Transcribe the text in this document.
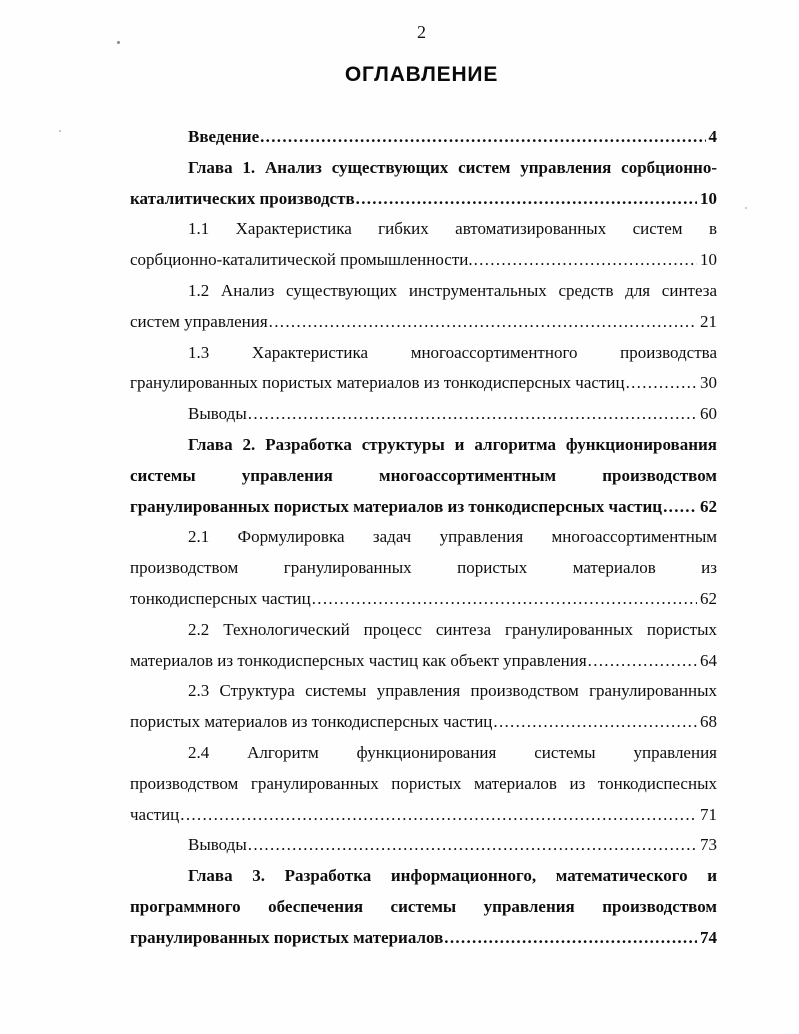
2
ОГЛАВЛЕНИЕ
Введение .....	4
Глава 1. Анализ существующих систем управления сорбционно-
каталитических производств .....	10
1.1 Характеристика гибких автоматизированных систем в
сорбционно-каталитической промышленности. .....	10
1.2 Анализ существующих инструментальных средств для синтеза
систем управления .....	21
1.3 Характеристика многоассортиментного производства
гранулированных пористых материалов из тонкодисперсных частиц .....	30
Выводы .....	60
Глава 2. Разработка структуры и алгоритма функционирования
системы управления многоассортиментным производством
гранулированных пористых материалов из тонкодисперсных частиц ..... 62
2.1 Формулировка задач управления многоассортиментным
производством гранулированных пористых материалов из
тонкодисперсных частиц .....	62
2.2 Технологический процесс синтеза гранулированных пористых
материалов из тонкодисперсных частиц как объект управления .....	64
2.3 Структура системы управления производством гранулированных
пористых материалов из тонкодисперсных частиц .....	68
2.4 Алгоритм функционирования системы управления
производством гранулированных пористых материалов из тонкодиспесных
частиц .....	71
Выводы .....	73
Глава 3. Разработка информационного, математического и
программного обеспечения системы управления производством
гранулированных пористых материалов .....	74
